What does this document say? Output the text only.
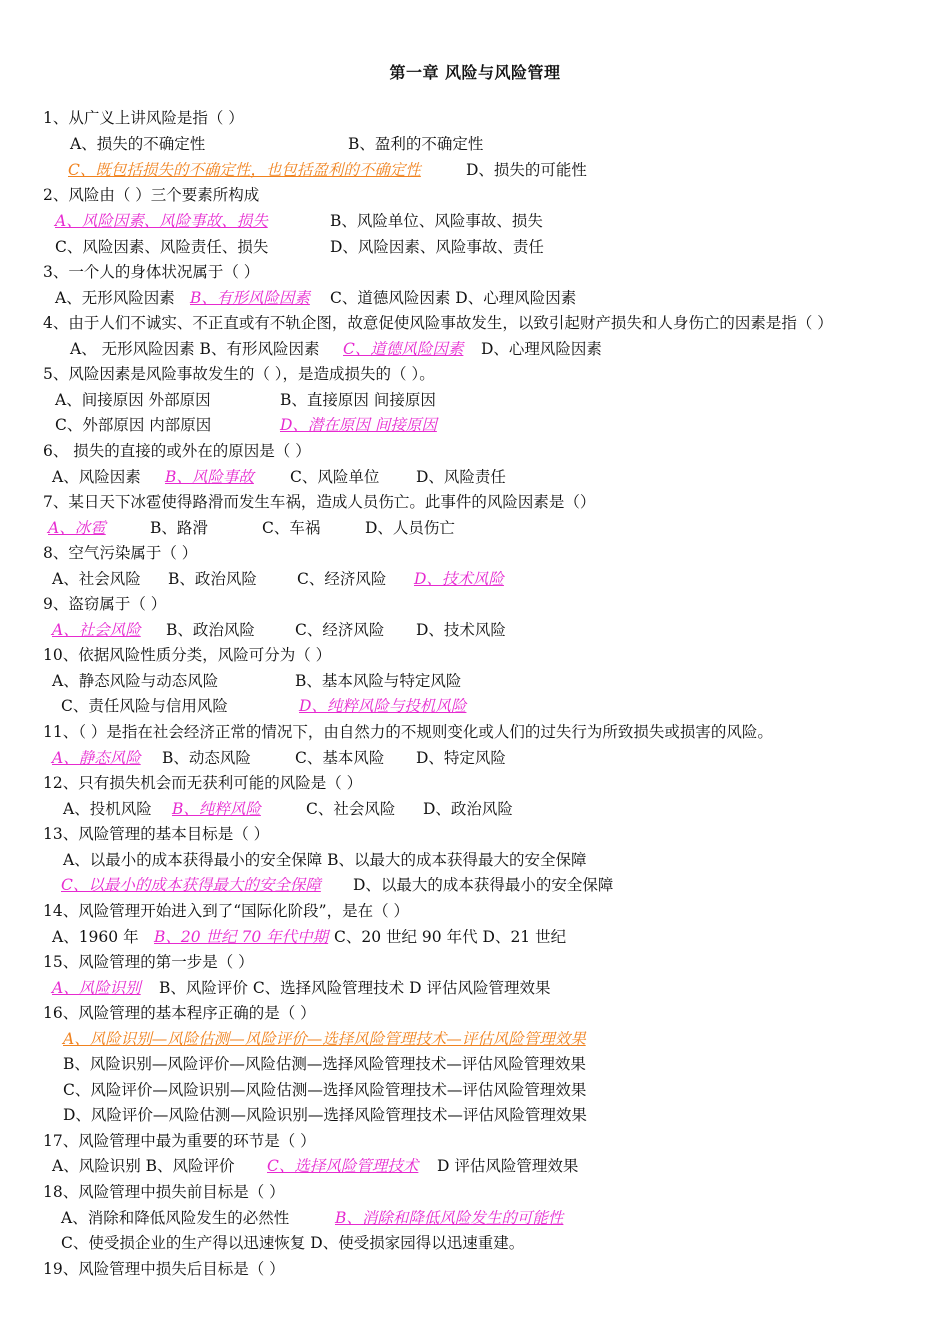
第一章 风险与风险管理
1、从广义上讲风险是指（ ）
A、损失的不确定性	B、盈利的不确定性
C、既包括损失的不确定性，也包括盈利的不确定性	D、损失的可能性
2、风险由（ ）三个要素所构成
A、风险因素、风险事故、损失	B、风险单位、风险事故、损失
C、风险因素、风险责任、损失	D、风险因素、风险事故、责任
3、一个人的身体状况属于（ ）
A、无形风险因素 B、有形风险因素 C、道德风险因素 D、心理风险因素
4、由于人们不诚实、不正直或有不轨企图，故意促使风险事故发生，以致引起财产损失和人身伤亡的因素是指（ ）
A、 无形风险因素 B、有形风险因素 C、道德风险因素 D、心理风险因素
5、风险因素是风险事故发生的（ ），是造成损失的（ ）。
A、间接原因 外部原因	B、直接原因 间接原因
C、外部原因 内部原因	D、潜在原因 间接原因
6、 损失的直接的或外在的原因是（ ）
A、风险因素 B、风险事故 C、风险单位 D、风险责任
7、某日天下冰雹使得路滑而发生车祸，造成人员伤亡。此事件的风险因素是（）
A、冰雹	B、路滑	C、车祸	D、人员伤亡
8、空气污染属于（ ）
A、社会风险 B、政治风险	C、经济风险 D、技术风险
9、盗窃属于（ ）
A、社会风险 B、政治风险	C、经济风险 D、技术风险
10、依据风险性质分类，风险可分为（ ）
A、静态风险与动态风险	B、基本风险与特定风险
C、责任风险与信用风险	D、纯粹风险与投机风险
11、（ ）是指在社会经济正常的情况下，由自然力的不规则变化或人们的过失行为所致损失或损害的风险。
A、静态风险 B、动态风险	C、基本风险 D、特定风险
12、只有损失机会而无获利可能的风险是（ ）
A、投机风险 B、纯粹风险	C、社会风险 D、政治风险
13、风险管理的基本目标是（ ）
A、以最小的成本获得最小的安全保障 B、以最大的成本获得最大的安全保障
C、以最小的成本获得最大的安全保障 D、以最大的成本获得最小的安全保障
14、风险管理开始进入到了“国际化阶段”，是在（ ）
A、1960 年 B、20 世纪 70 年代中期 C、20 世纪 90 年代 D、21 世纪
15、风险管理的第一步是（ ）
A、风险识别 B、风险评价 C、选择风险管理技术 D 评估风险管理效果
16、风险管理的基本程序正确的是（ ）
A、风险识别—风险估测—风险评价—选择风险管理技术—评估风险管理效果
B、风险识别—风险评价—风险估测—选择风险管理技术—评估风险管理效果
C、风险评价—风险识别—风险估测—选择风险管理技术—评估风险管理效果
D、风险评价—风险估测—风险识别—选择风险管理技术—评估风险管理效果
17、风险管理中最为重要的环节是（ ）
A、风险识别 B、风险评价 C、选择风险管理技术 D 评估风险管理效果
18、风险管理中损失前目标是（ ）
A、消除和降低风险发生的必然性	B、消除和降低风险发生的可能性
C、使受损企业的生产得以迅速恢复 D、使受损家园得以迅速重建。
19、风险管理中损失后目标是（ ）
